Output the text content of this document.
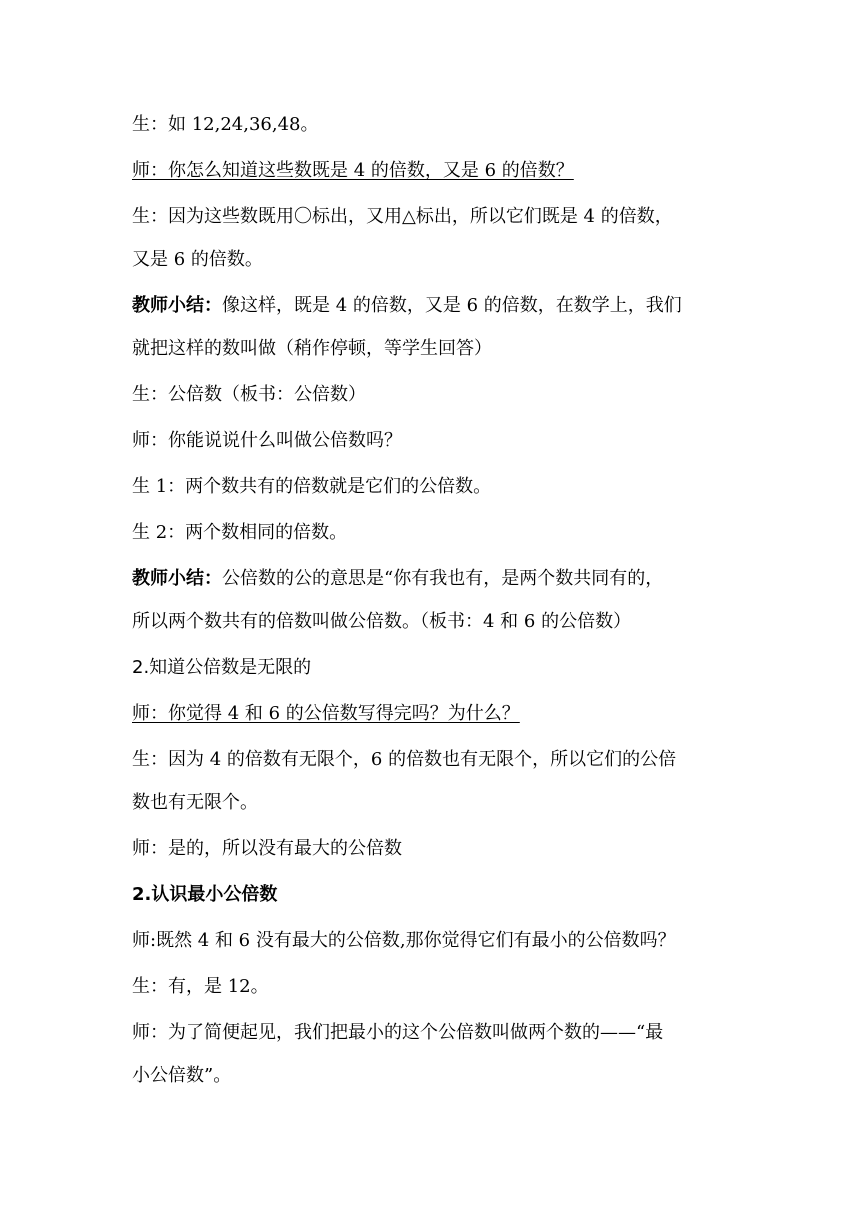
生：如 12,24,36,48。
师：你怎么知道这些数既是 4 的倍数，又是 6 的倍数？
生：因为这些数既用〇标出，又用△标出，所以它们既是 4 的倍数，
又是 6 的倍数。
教师小结：像这样，既是 4 的倍数，又是 6 的倍数，在数学上，我们
就把这样的数叫做（稍作停顿，等学生回答）
生：公倍数（板书：公倍数）
师：你能说说什么叫做公倍数吗？
生 1：两个数共有的倍数就是它们的公倍数。
生 2：两个数相同的倍数。
教师小结：公倍数的公的意思是“你有我也有，是两个数共同有的，
所以两个数共有的倍数叫做公倍数。（板书：4 和 6 的公倍数）
2.知道公倍数是无限的
师：你觉得 4 和 6 的公倍数写得完吗？为什么？
生：因为 4 的倍数有无限个，6 的倍数也有无限个，所以它们的公倍
数也有无限个。
师：是的，所以没有最大的公倍数
2.认识最小公倍数
师:既然 4 和 6 没有最大的公倍数,那你觉得它们有最小的公倍数吗？
生：有，是 12。
师：为了简便起见，我们把最小的这个公倍数叫做两个数的——“最
小公倍数”。
